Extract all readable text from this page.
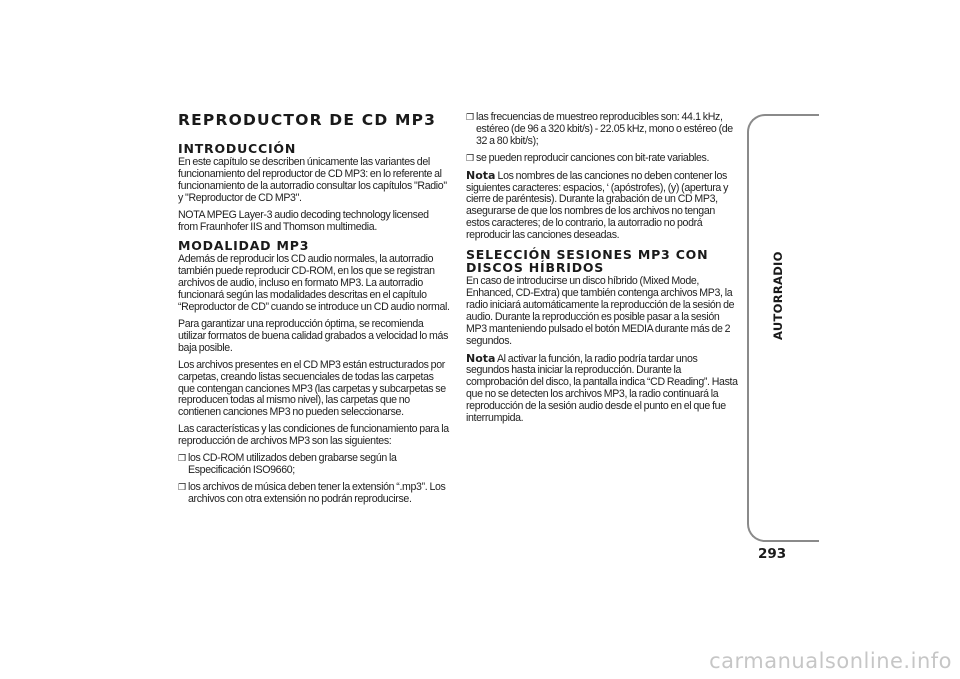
REPRODUCTOR DE CD MP3
INTRODUCCIÓN

En este capítulo se describen únicamente las variantes del funcionamiento del reproductor de CD MP3: en lo referente al funcionamiento de la autorradio consultar los capítulos "Radio" y "Reproductor de CD MP3".

NOTA MPEG Layer-3 audio decoding technology licensed from Fraunhofer IIS and Thomson multimedia.

MODALIDAD MP3

Además de reproducir los CD audio normales, la autorradio también puede reproducir CD-ROM, en los que se registran archivos de audio, incluso en formato MP3. La autorradio funcionará según las modalidades descritas en el capítulo “Reproductor de CD” cuando se introduce un CD audio normal.

Para garantizar una reproducción óptima, se recomienda utilizar formatos de buena calidad grabados a velocidad lo más baja posible.

Los archivos presentes en el CD MP3 están estructurados por carpetas, creando listas secuenciales de todas las carpetas que contengan canciones MP3 (las carpetas y subcarpetas se reproducen todas al mismo nivel), las carpetas que no contienen canciones MP3 no pueden seleccionarse.

Las características y las condiciones de funcionamiento para la reproducción de archivos MP3 son las siguientes:

❒ los CD-ROM utilizados deben grabarse según la Especificación ISO9660;
❒ los archivos de música deben tener la extensión “.mp3”. Los archivos con otra extensión no podrán reproducirse.
❒ las frecuencias de muestreo reproducibles son: 44.1 kHz, estéreo (de 96 a 320 kbit/s) - 22.05 kHz, mono o estéreo (de 32 a 80 kbit/s);
❒ se pueden reproducir canciones con bit-rate variables.

Nota Los nombres de las canciones no deben contener los siguientes caracteres: espacios, ‘ (apóstrofes), (y) (apertura y cierre de paréntesis). Durante la grabación de un CD MP3, asegurarse de que los nombres de los archivos no tengan estos caracteres; de lo contrario, la autorradio no podrá reproducir las canciones deseadas.

SELECCIÓN SESIONES MP3 CON DISCOS HÍBRIDOS

En caso de introducirse un disco híbrido (Mixed Mode, Enhanced, CD-Extra) que también contenga archivos MP3, la radio iniciará automáticamente la reproducción de la sesión de audio. Durante la reproducción es posible pasar a la sesión MP3 manteniendo pulsado el botón MEDIA durante más de 2 segundos.

Nota Al activar la función, la radio podría tardar unos segundos hasta iniciar la reproducción. Durante la comprobación del disco, la pantalla indica “CD Reading”. Hasta que no se detecten los archivos MP3, la radio continuará la reproducción de la sesión audio desde el punto en el que fue interrumpida.

AUTORRADIO
293
carmanualsonline.info
